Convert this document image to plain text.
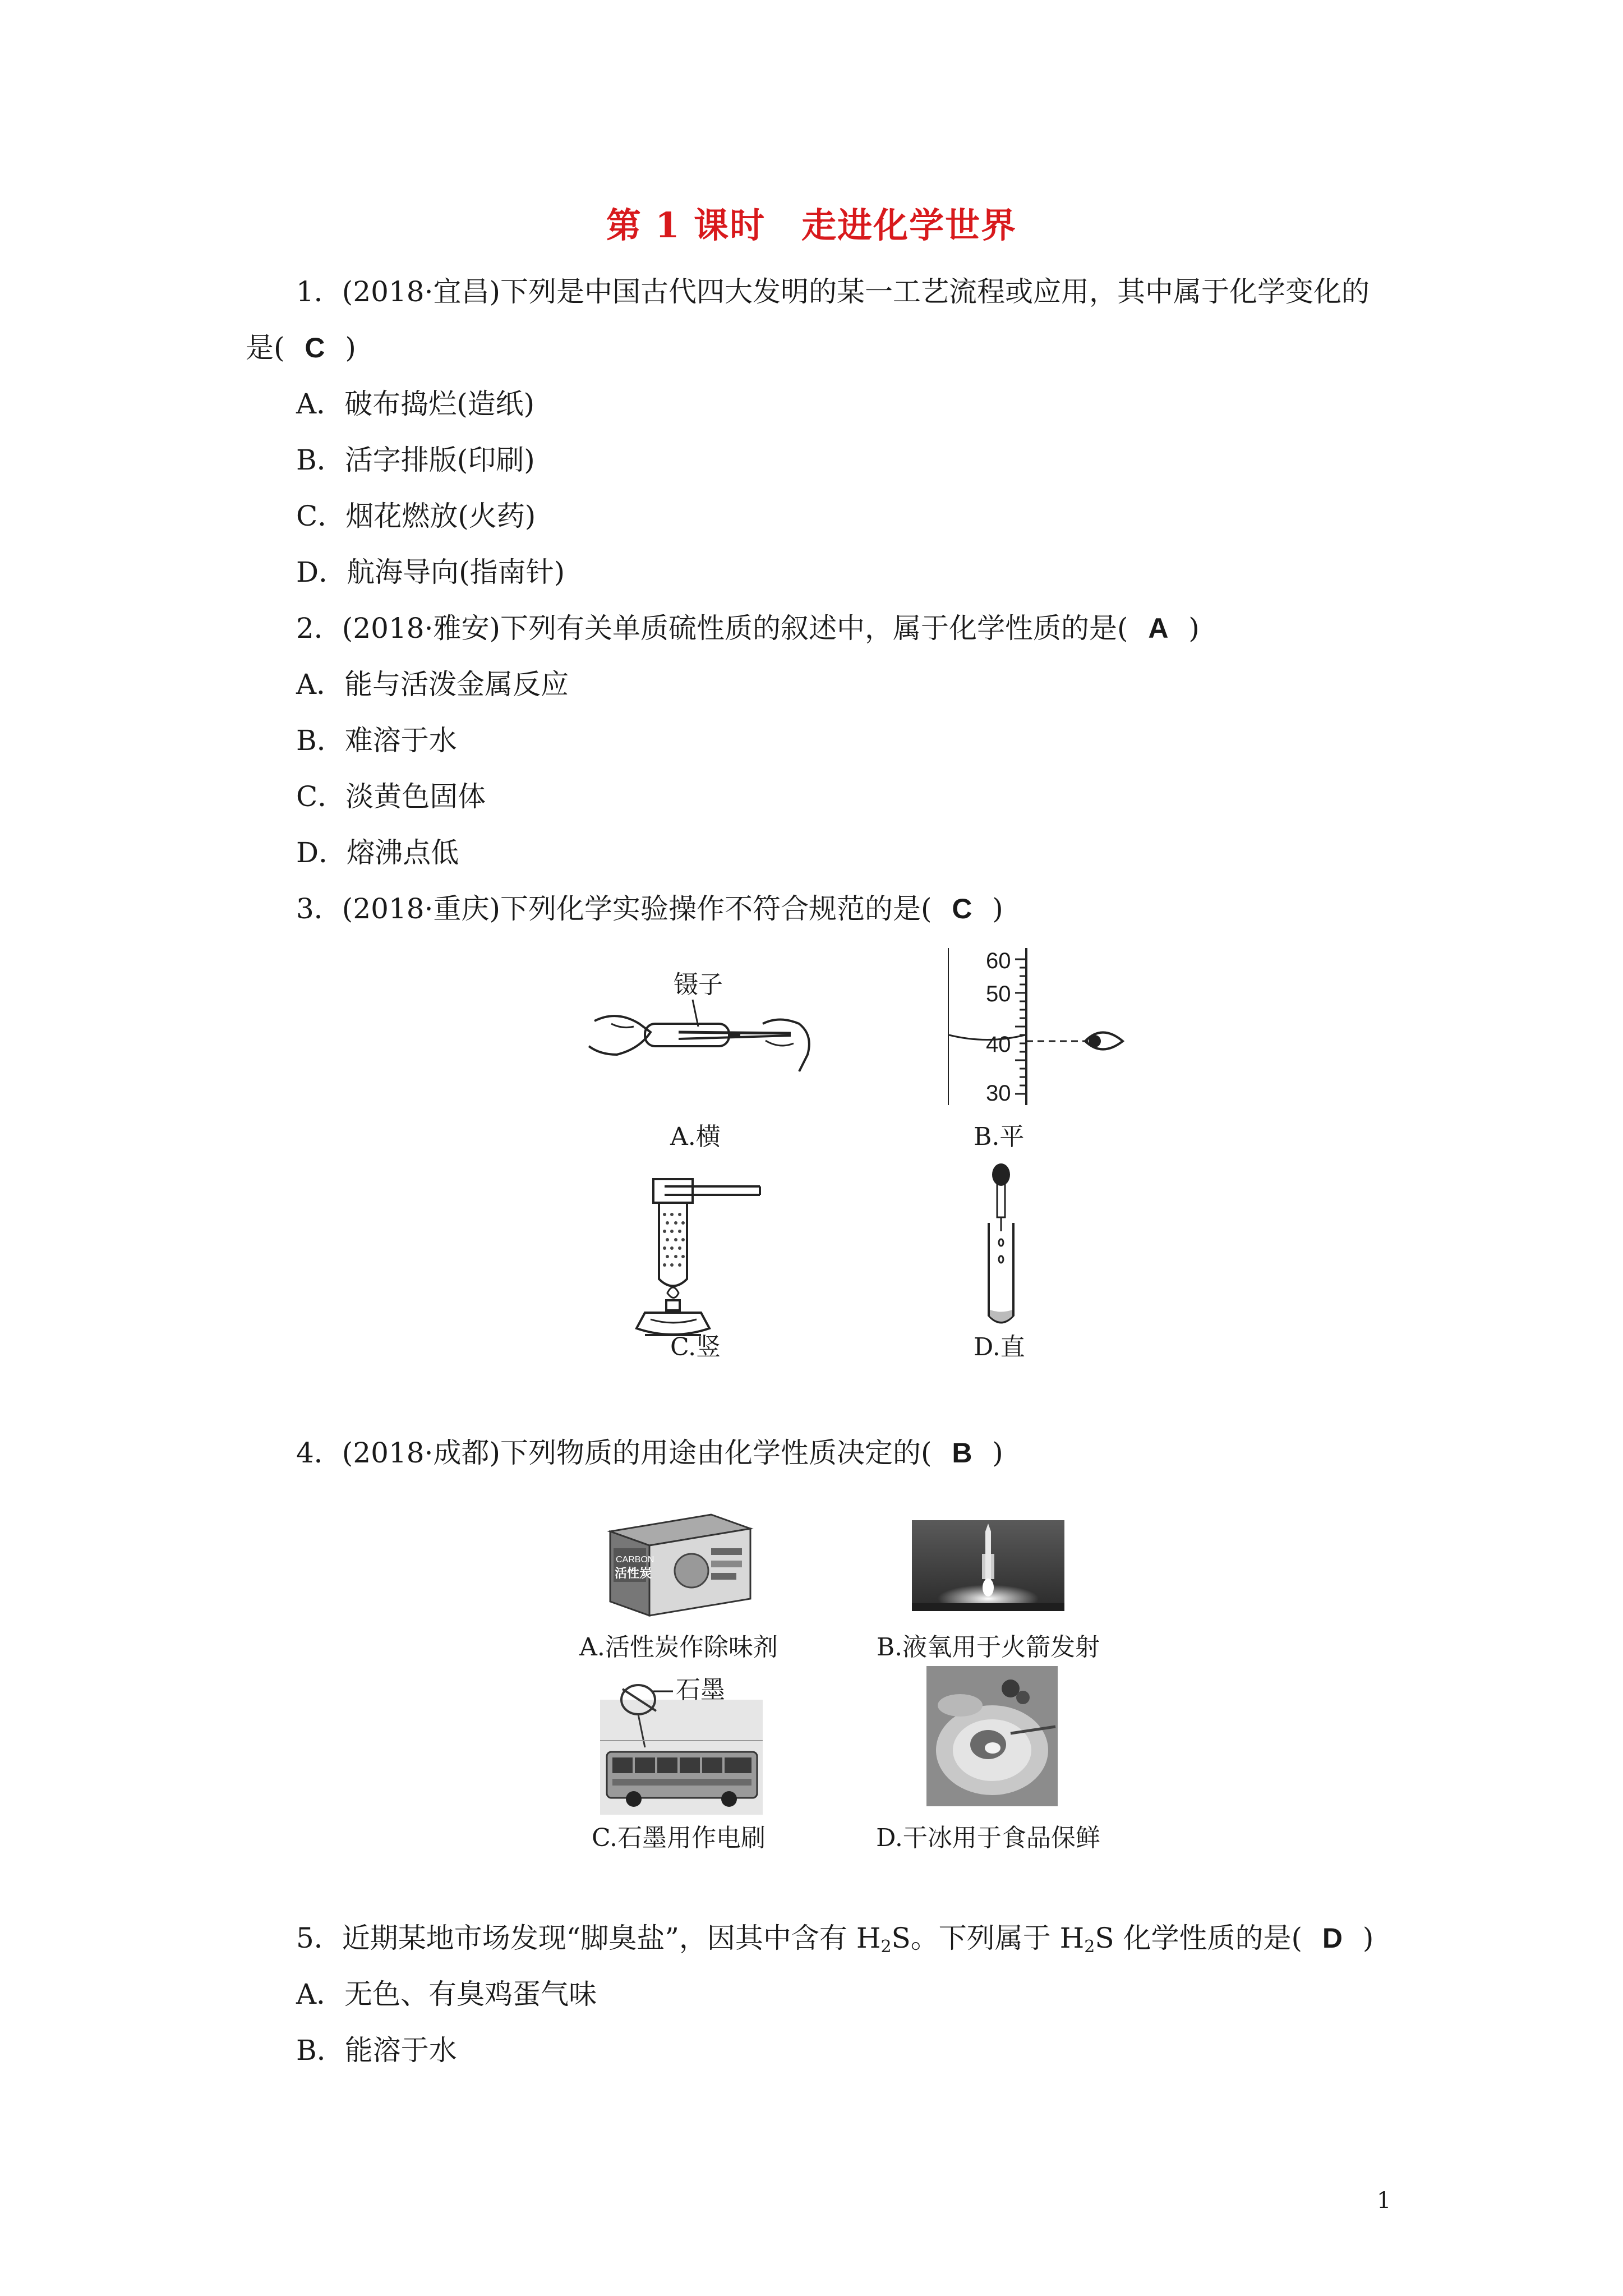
第 1 课时　走进化学世界
1．(2018·宜昌)下列是中国古代四大发明的某一工艺流程或应用，其中属于化学变化的
是( C )
A．破布捣烂(造纸)
B．活字排版(印刷)
C．烟花燃放(火药)
D．航海导向(指南针)
2．(2018·雅安)下列有关单质硫性质的叙述中，属于化学性质的是( A )
A．能与活泼金属反应
B．难溶于水
C．淡黄色固体
D．熔沸点低
3．(2018·重庆)下列化学实验操作不符合规范的是( C )
镊子
A.横
60
50
40
30
B.平
C.竖	D.直
4．(2018·成都)下列物质的用途由化学性质决定的( B )
CARBON
活性炭
A.活性炭作除味剂	B.液氧用于火箭发射
石墨
C.石墨用作电刷	D.干冰用于食品保鲜
5．近期某地市场发现“脚臭盐”，因其中含有 $H_2S$。下列属于 $H_2S$ 化学性质的是( D )
A．无色、有臭鸡蛋气味
B．能溶于水
1
